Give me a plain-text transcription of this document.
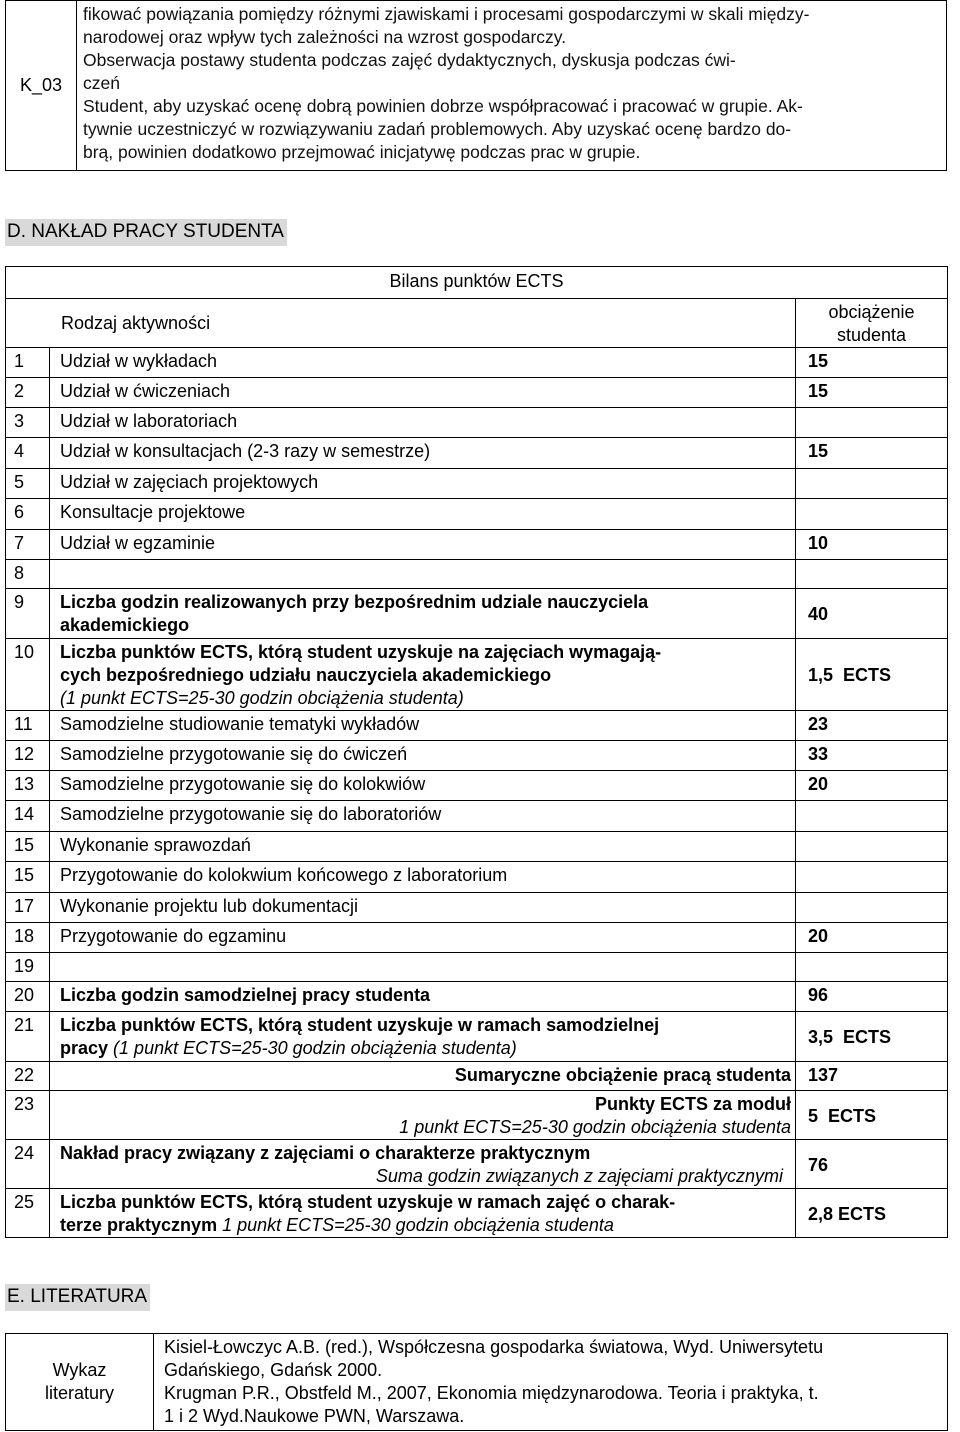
K_03	
fikować powiązania pomiędzy różnymi zjawiskami i procesami gospodarczymi w skali między-
narodowej oraz wpływ tych zależności na wzrost gospodarczy.
Obserwacja postawy studenta podczas zajęć dydaktycznych, dyskusja podczas ćwi-
czeń
Student, aby uzyskać ocenę dobrą powinien dobrze współpracować i pracować w grupie. Ak-
tywnie uczestniczyć w rozwiązywaniu zadań problemowych. Aby uzyskać ocenę bardzo do-
brą, powinien dodatkowo przejmować inicjatywę podczas prac w grupie.
D. NAKŁAD PRACY STUDENTA
Bilans punktów ECTS		
Rodzaj aktywności		obciążenie
studenta

1	Udział w wykładach	15
2	Udział w ćwiczeniach	15
3	Udział w laboratoriach	
4	Udział w konsultacjach (2-3 razy w semestrze)	15
5	Udział w zajęciach projektowych	
6	Konsultacje projektowe	
7	Udział w egzaminie	10
8		
9	Liczba godzin realizowanych przy bezpośrednim udziale nauczyciela
akademickiego	40
10	Liczba punktów ECTS, którą student uzyskuje na zajęciach wymagają-
cych bezpośredniego udziału nauczyciela akademickiego
(1 punkt ECTS=25-30 godzin obciążenia studenta)	1,5  ECTS
11	Samodzielne studiowanie tematyki wykładów	23
12	Samodzielne przygotowanie się do ćwiczeń	33
13	Samodzielne przygotowanie się do kolokwiów	20
14	Samodzielne przygotowanie się do laboratoriów	
15	Wykonanie sprawozdań	
15	Przygotowanie do kolokwium końcowego z laboratorium	
17	Wykonanie projektu lub dokumentacji	
18	Przygotowanie do egzaminu	20
19		
20	Liczba godzin samodzielnej pracy studenta	96
21	Liczba punktów ECTS, którą student uzyskuje w ramach samodzielnej
pracy (1 punkt ECTS=25-30 godzin obciążenia studenta)	3,5  ECTS
22	Sumaryczne obciążenie pracą studenta	137
23	Punkty ECTS za moduł
1 punkt ECTS=25-30 godzin obciążenia studenta	5  ECTS
24	Nakład pracy związany z zajęciami o charakterze praktycznym
Suma godzin związanych z zajęciami praktycznymi	76
25	Liczba punktów ECTS, którą student uzyskuje w ramach zajęć o charak-
terze praktycznym 1 punkt ECTS=25-30 godzin obciążenia studenta	2,8 ECTS
E. LITERATURA
Wykaz
literatury

Kisiel-Łowczyc A.B. (red.), Współczesna gospodarka światowa, Wyd. Uniwersytetu
Gdańskiego, Gdańsk 2000.
Krugman P.R., Obstfeld M., 2007, Ekonomia międzynarodowa. Teoria i praktyka, t.
1 i 2 Wyd.Naukowe PWN, Warszawa.
